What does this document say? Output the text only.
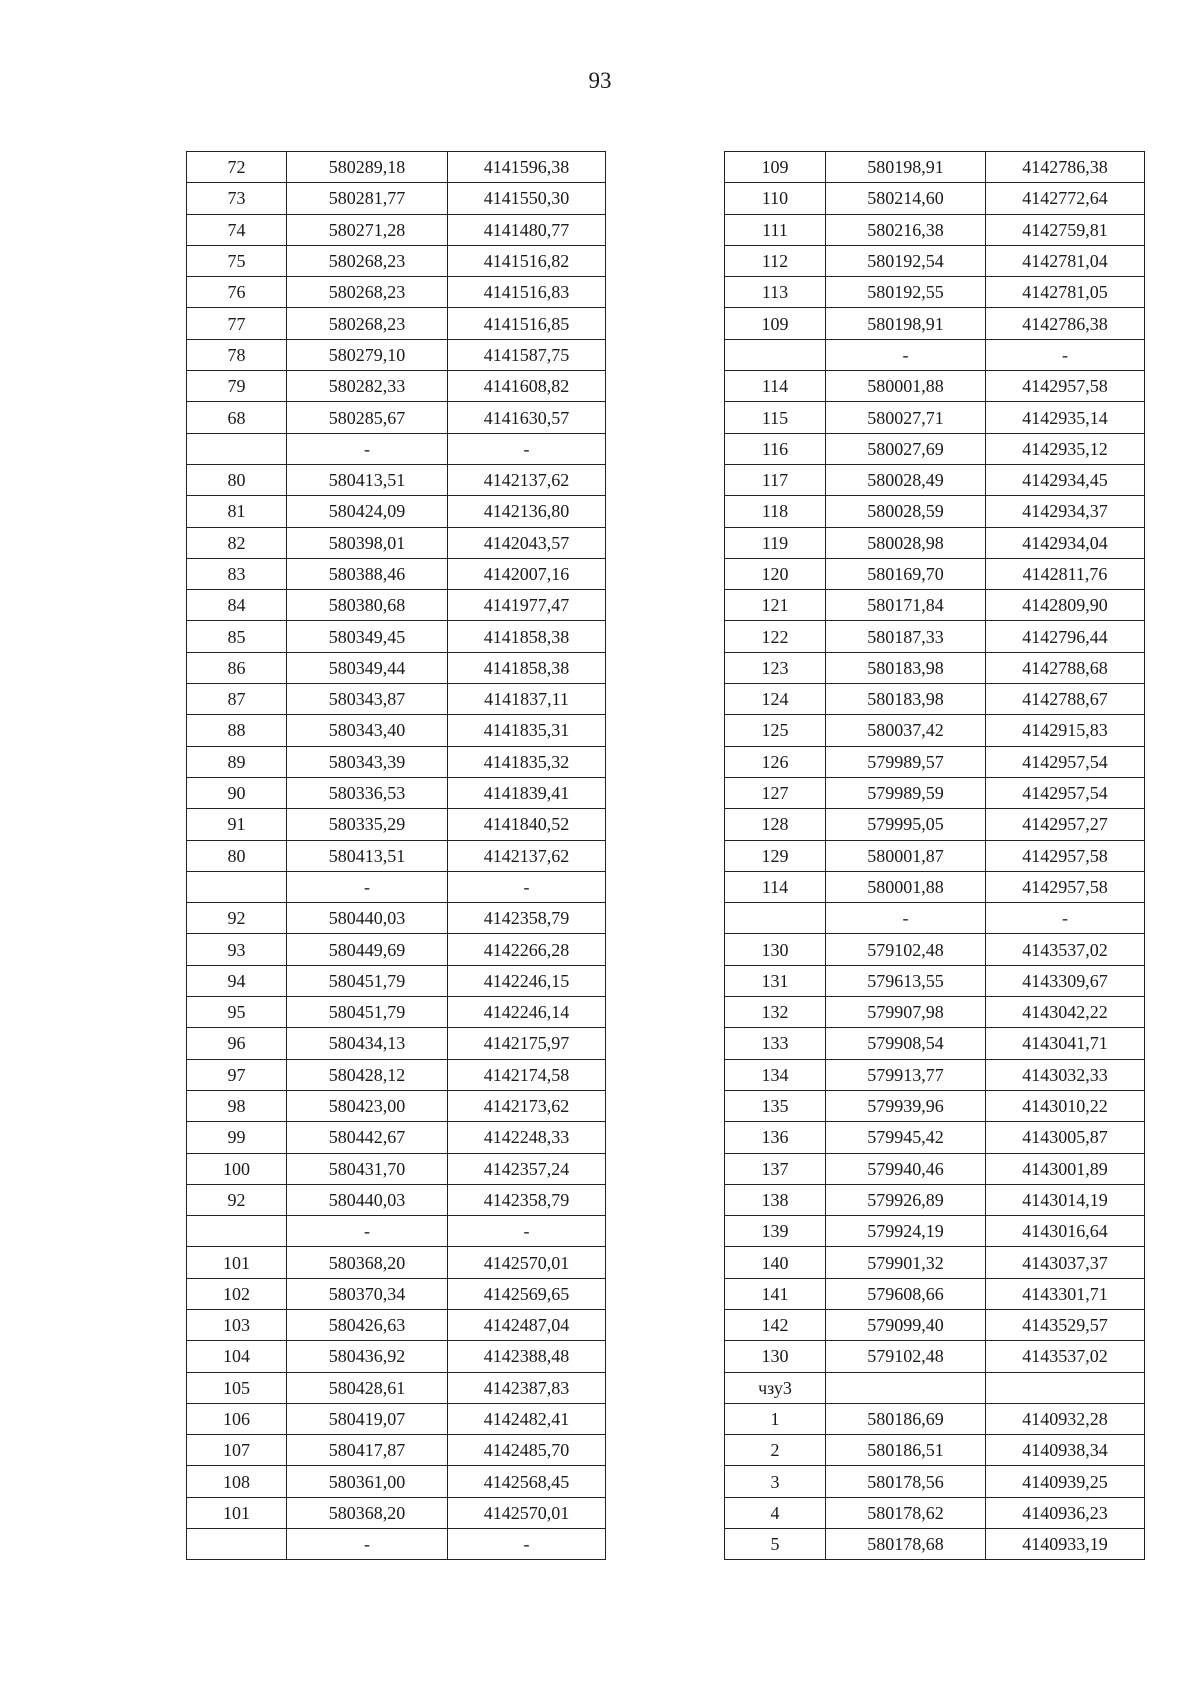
93
72	580289,18	4141596,38
73	580281,77	4141550,30
74	580271,28	4141480,77
75	580268,23	4141516,82
76	580268,23	4141516,83
77	580268,23	4141516,85
78	580279,10	4141587,75
79	580282,33	4141608,82
68	580285,67	4141630,57
	-	-
80	580413,51	4142137,62
81	580424,09	4142136,80
82	580398,01	4142043,57
83	580388,46	4142007,16
84	580380,68	4141977,47
85	580349,45	4141858,38
86	580349,44	4141858,38
87	580343,87	4141837,11
88	580343,40	4141835,31
89	580343,39	4141835,32
90	580336,53	4141839,41
91	580335,29	4141840,52
80	580413,51	4142137,62
	-	-
92	580440,03	4142358,79
93	580449,69	4142266,28
94	580451,79	4142246,15
95	580451,79	4142246,14
96	580434,13	4142175,97
97	580428,12	4142174,58
98	580423,00	4142173,62
99	580442,67	4142248,33
100	580431,70	4142357,24
92	580440,03	4142358,79
	-	-
101	580368,20	4142570,01
102	580370,34	4142569,65
103	580426,63	4142487,04
104	580436,92	4142388,48
105	580428,61	4142387,83
106	580419,07	4142482,41
107	580417,87	4142485,70
108	580361,00	4142568,45
101	580368,20	4142570,01
	-	-
109	580198,91	4142786,38
110	580214,60	4142772,64
111	580216,38	4142759,81
112	580192,54	4142781,04
113	580192,55	4142781,05
109	580198,91	4142786,38
	-	-
114	580001,88	4142957,58
115	580027,71	4142935,14
116	580027,69	4142935,12
117	580028,49	4142934,45
118	580028,59	4142934,37
119	580028,98	4142934,04
120	580169,70	4142811,76
121	580171,84	4142809,90
122	580187,33	4142796,44
123	580183,98	4142788,68
124	580183,98	4142788,67
125	580037,42	4142915,83
126	579989,57	4142957,54
127	579989,59	4142957,54
128	579995,05	4142957,27
129	580001,87	4142957,58
114	580001,88	4142957,58
	-	-
130	579102,48	4143537,02
131	579613,55	4143309,67
132	579907,98	4143042,22
133	579908,54	4143041,71
134	579913,77	4143032,33
135	579939,96	4143010,22
136	579945,42	4143005,87
137	579940,46	4143001,89
138	579926,89	4143014,19
139	579924,19	4143016,64
140	579901,32	4143037,37
141	579608,66	4143301,71
142	579099,40	4143529,57
130	579102,48	4143537,02
чзу3		
1	580186,69	4140932,28
2	580186,51	4140938,34
3	580178,56	4140939,25
4	580178,62	4140936,23
5	580178,68	4140933,19
